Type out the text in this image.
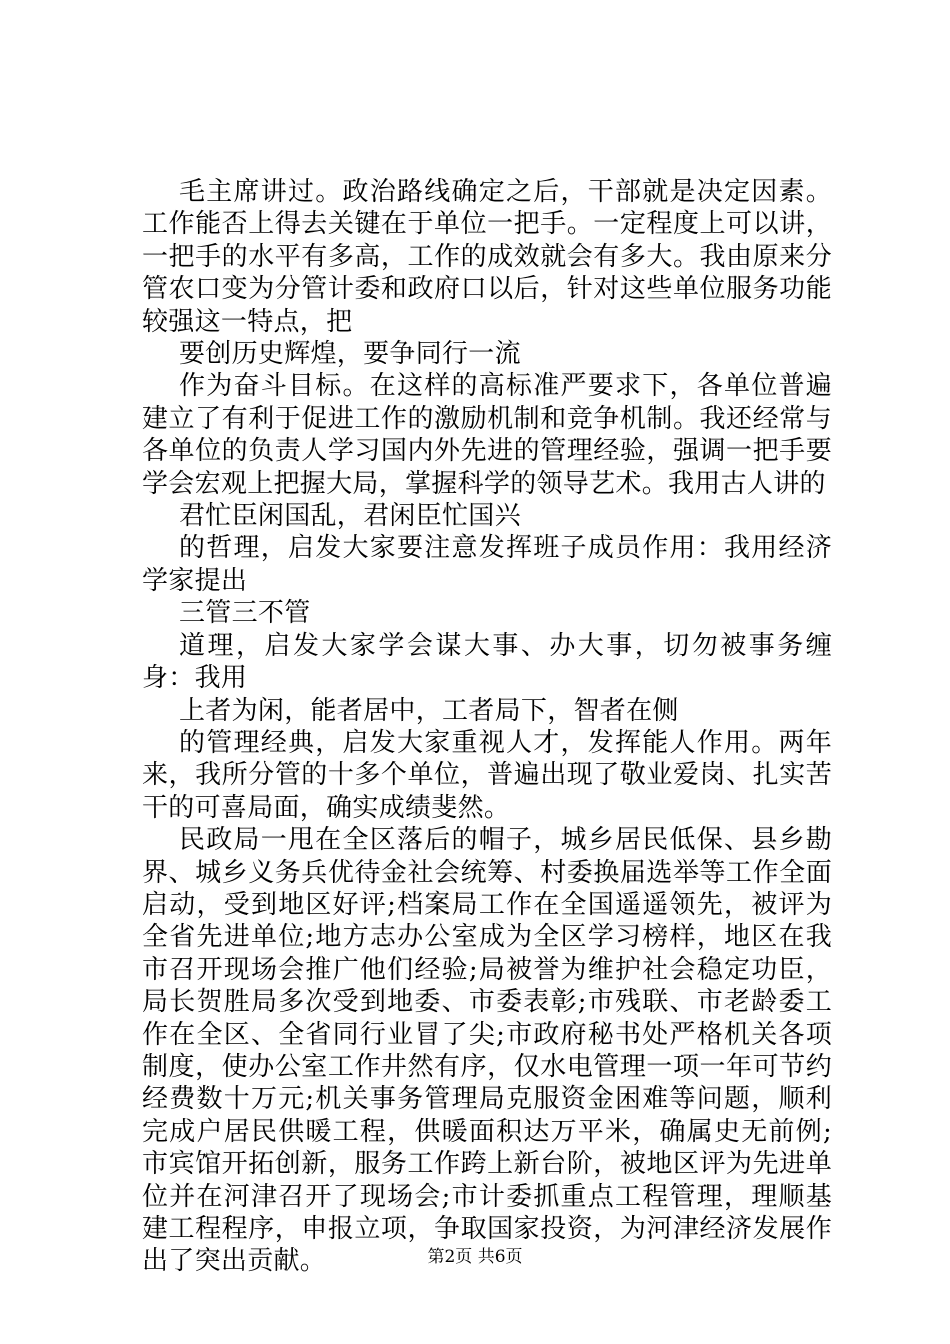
毛主席讲过。政治路线确定之后，干部就是决定因素。工作能否上得去关键在于单位一把手。一定程度上可以讲，一把手的水平有多高，工作的成效就会有多大。我由原来分管农口变为分管计委和政府口以后，针对这些单位服务功能较强这一特点，把

要创历史辉煌，要争同行一流

作为奋斗目标。在这样的高标准严要求下，各单位普遍建立了有利于促进工作的激励机制和竞争机制。我还经常与各单位的负责人学习国内外先进的管理经验，强调一把手要学会宏观上把握大局，掌握科学的领导艺术。我用古人讲的

君忙臣闲国乱，君闲臣忙国兴

的哲理，启发大家要注意发挥班子成员作用：我用经济学家提出

三管三不管

道理，启发大家学会谋大事、办大事，切勿被事务缠身：我用

上者为闲，能者居中，工者局下，智者在侧

的管理经典，启发大家重视人才，发挥能人作用。两年来，我所分管的十多个单位，普遍出现了敬业爱岗、扎实苦干的可喜局面，确实成绩斐然。

民政局一甩在全区落后的帽子，城乡居民低保、县乡勘界、城乡义务兵优待金社会统筹、村委换届选举等工作全面启动，受到地区好评;档案局工作在全国遥遥领先，被评为全省先进单位;地方志办公室成为全区学习榜样，地区在我市召开现场会推广他们经验;局被誉为维护社会稳定功臣，局长贺胜局多次受到地委、市委表彰;市残联、市老龄委工作在全区、全省同行业冒了尖;市政府秘书处严格机关各项制度，使办公室工作井然有序，仅水电管理一项一年可节约经费数十万元;机关事务管理局克服资金困难等问题，顺利完成户居民供暖工程，供暖面积达万平米，确属史无前例;市宾馆开拓创新，服务工作跨上新台阶，被地区评为先进单位并在河津召开了现场会;市计委抓重点工程管理，理顺基建工程程序，申报立项，争取国家投资，为河津经济发展作出了突出贡献。	第2页 共6页
